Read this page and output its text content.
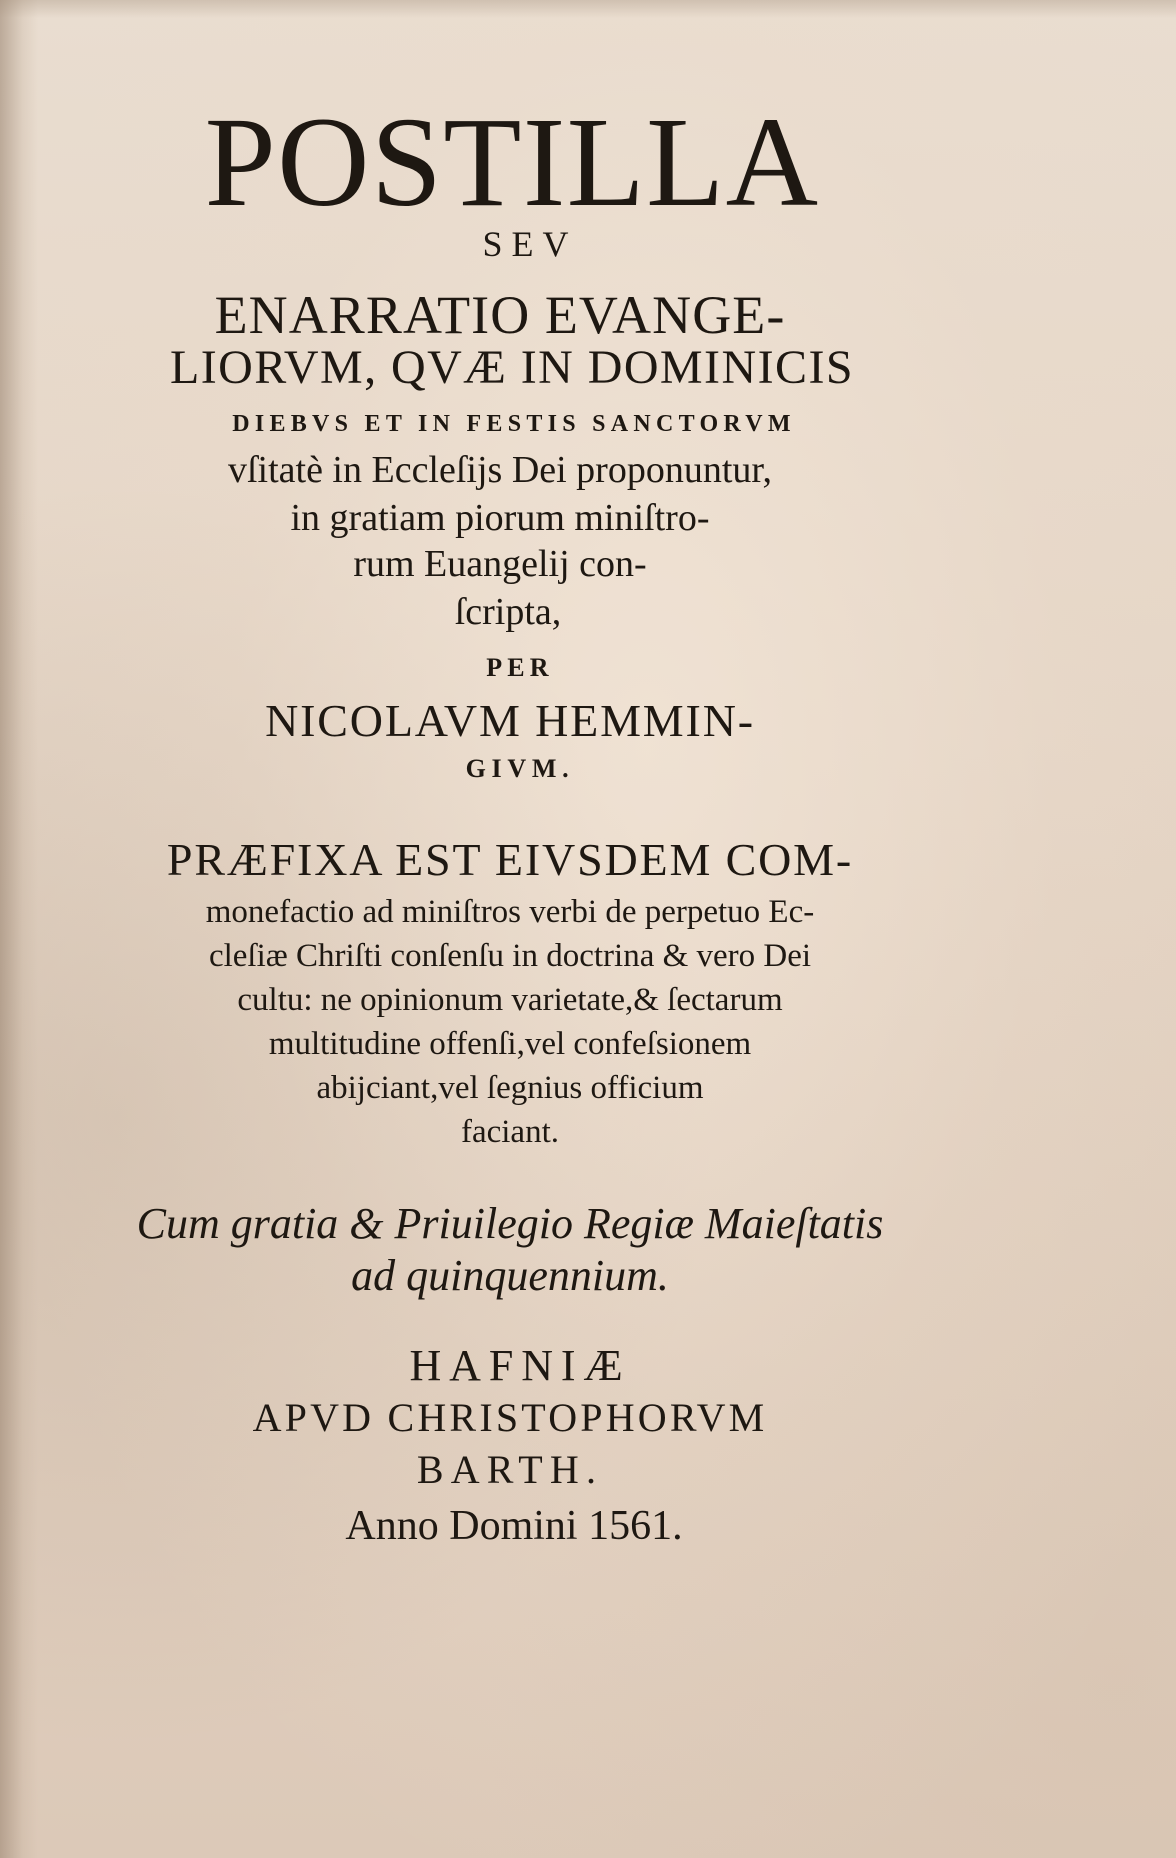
POSTILLA

SEV

ENARRATIO EVANGE-

LIORVM, QVÆ IN DOMINICIS

DIEBVS ET IN FESTIS SANCTORVM

vſitatè in Eccleſijs Dei proponuntur,

in gratiam piorum miniſtro-

rum Euangelij con-

ſcripta,

PER

NICOLAVM HEMMIN-

GIVM.

PRÆFIXA EST EIVSDEM COM-

monefactio ad miniſtros verbi de perpetuo Ec-

cleſiæ Chriſti conſenſu in doctrina & vero Dei

cultu: ne opinionum varietate,& ſectarum

multitudine offenſi,vel confeſsionem

abijciant,vel ſegnius officium

faciant.

Cum gratia & Priuilegio Regiæ Maieſtatis

ad quinquennium.

HAFNIÆ

APVD CHRISTOPHORVM

BARTH.

Anno Domini 1561.
